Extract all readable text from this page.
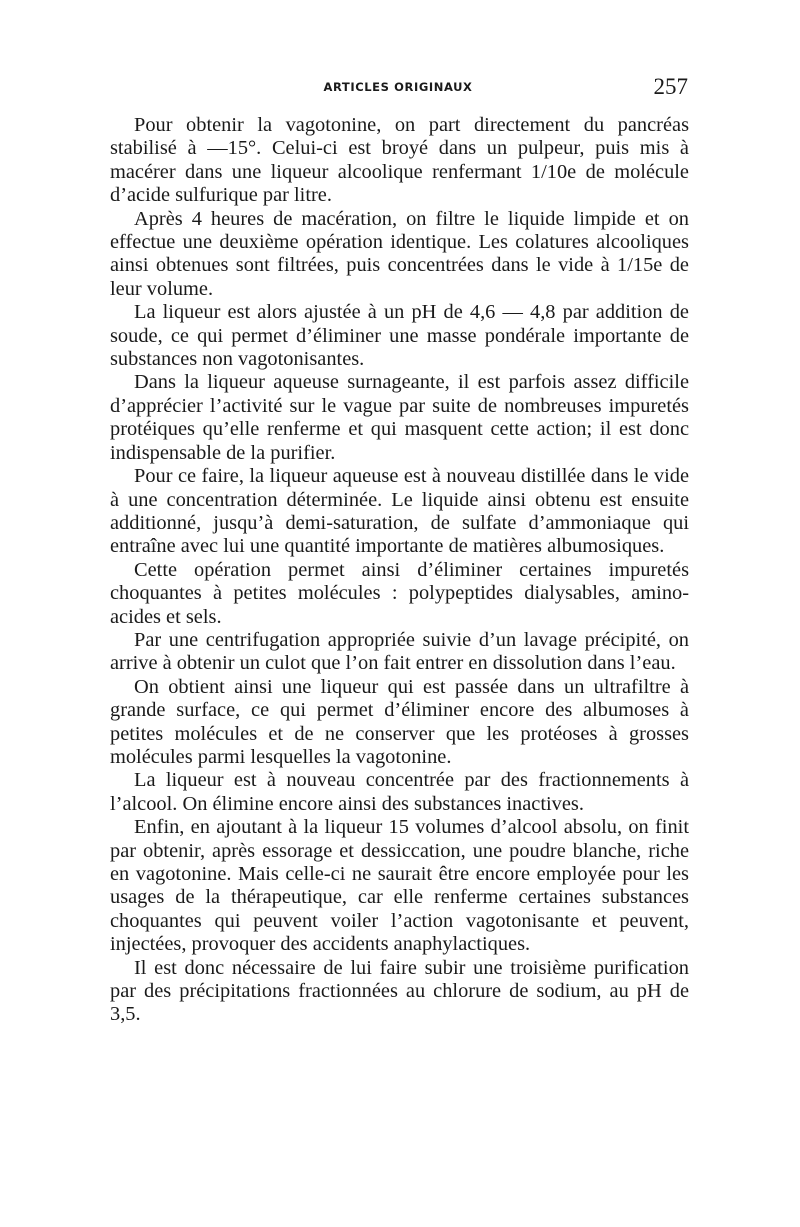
ARTICLES ORIGINAUX	257

Pour obtenir la vagotonine, on part directement du pancréas stabilisé à —15°. Celui-ci est broyé dans un pulpeur, puis mis à macérer dans une liqueur alcoolique renfermant 1/10e de molécule d’acide sulfurique par litre.

Après 4 heures de macération, on filtre le liquide limpide et on effectue une deuxième opération identique. Les colatures alcooliques ainsi obtenues sont filtrées, puis concentrées dans le vide à 1/15e de leur volume.

La liqueur est alors ajustée à un pH de 4,6 — 4,8 par addition de soude, ce qui permet d’éliminer une masse pondérale importante de substances non vagotonisantes.

Dans la liqueur aqueuse surnageante, il est parfois assez difficile d’apprécier l’activité sur le vague par suite de nombreuses impuretés protéiques qu’elle renferme et qui masquent cette action; il est donc indispensable de la purifier.

Pour ce faire, la liqueur aqueuse est à nouveau distillée dans le vide à une concentration déterminée. Le liquide ainsi obtenu est ensuite additionné, jusqu’à demi-saturation, de sulfate d’ammoniaque qui entraîne avec lui une quantité importante de matières albumosiques.

Cette opération permet ainsi d’éliminer certaines impuretés choquantes à petites molécules : polypeptides dialysables, amino-acides et sels.

Par une centrifugation appropriée suivie d’un lavage précipité, on arrive à obtenir un culot que l’on fait entrer en dissolution dans l’eau.

On obtient ainsi une liqueur qui est passée dans un ultrafiltre à grande surface, ce qui permet d’éliminer encore des albumoses à petites molécules et de ne conserver que les protéoses à grosses molécules parmi lesquelles la vagotonine.

La liqueur est à nouveau concentrée par des fractionnements à l’alcool. On élimine encore ainsi des substances inactives.

Enfin, en ajoutant à la liqueur 15 volumes d’alcool absolu, on finit par obtenir, après essorage et dessiccation, une poudre blanche, riche en vagotonine. Mais celle-ci ne saurait être encore employée pour les usages de la thérapeutique, car elle renferme certaines substances choquantes qui peuvent voiler l’action vagotonisante et peuvent, injectées, provoquer des accidents anaphylactiques.

Il est donc nécessaire de lui faire subir une troisième purification par des précipitations fractionnées au chlorure de sodium, au pH de 3,5.
